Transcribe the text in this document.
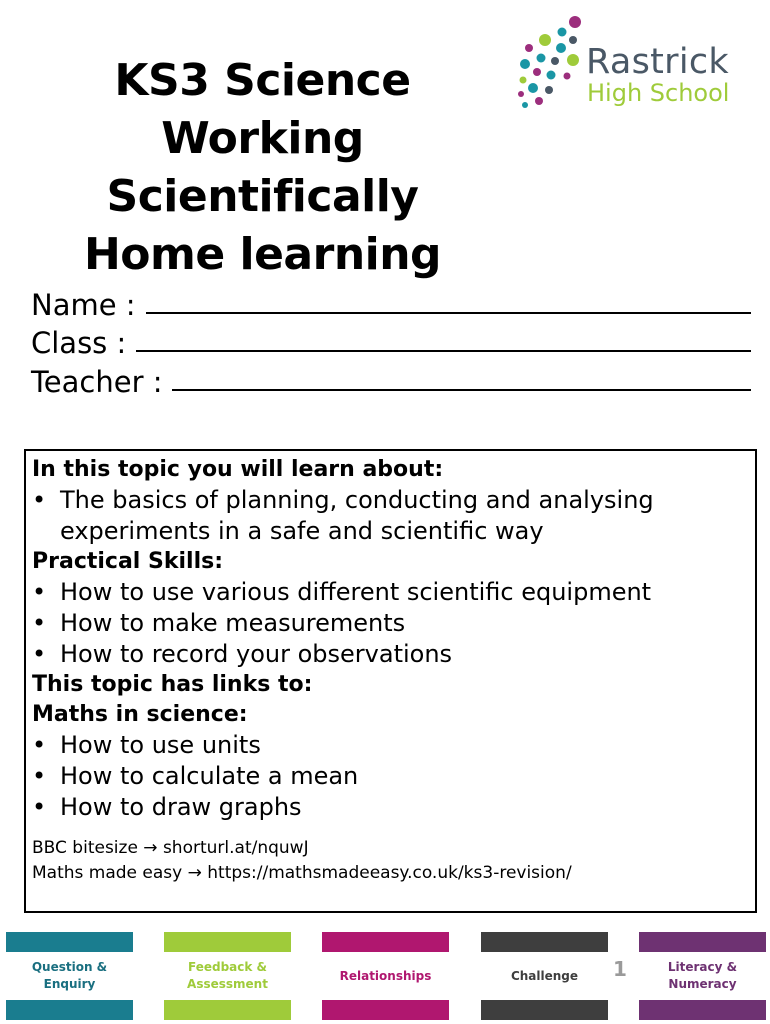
KS3 Science
Working
Scientifically
Home learning
Rastrick
High School
Name :
Class :
Teacher :
In this topic you will learn about:
• The basics of planning, conducting and analysing experiments in a safe and scientific way
Practical Skills:
• How to use various different scientific equipment
• How to make measurements
• How to record your observations
This topic has links to:
Maths in science:
• How to use units
• How to calculate a mean
• How to draw graphs
BBC bitesize → shorturl.at/nquwJ
Maths made easy → https://mathsmadeeasy.co.uk/ks3-revision/
Question & Enquiry
Feedback & Assessment
Relationships	Challenge	1	Literacy & Numeracy
